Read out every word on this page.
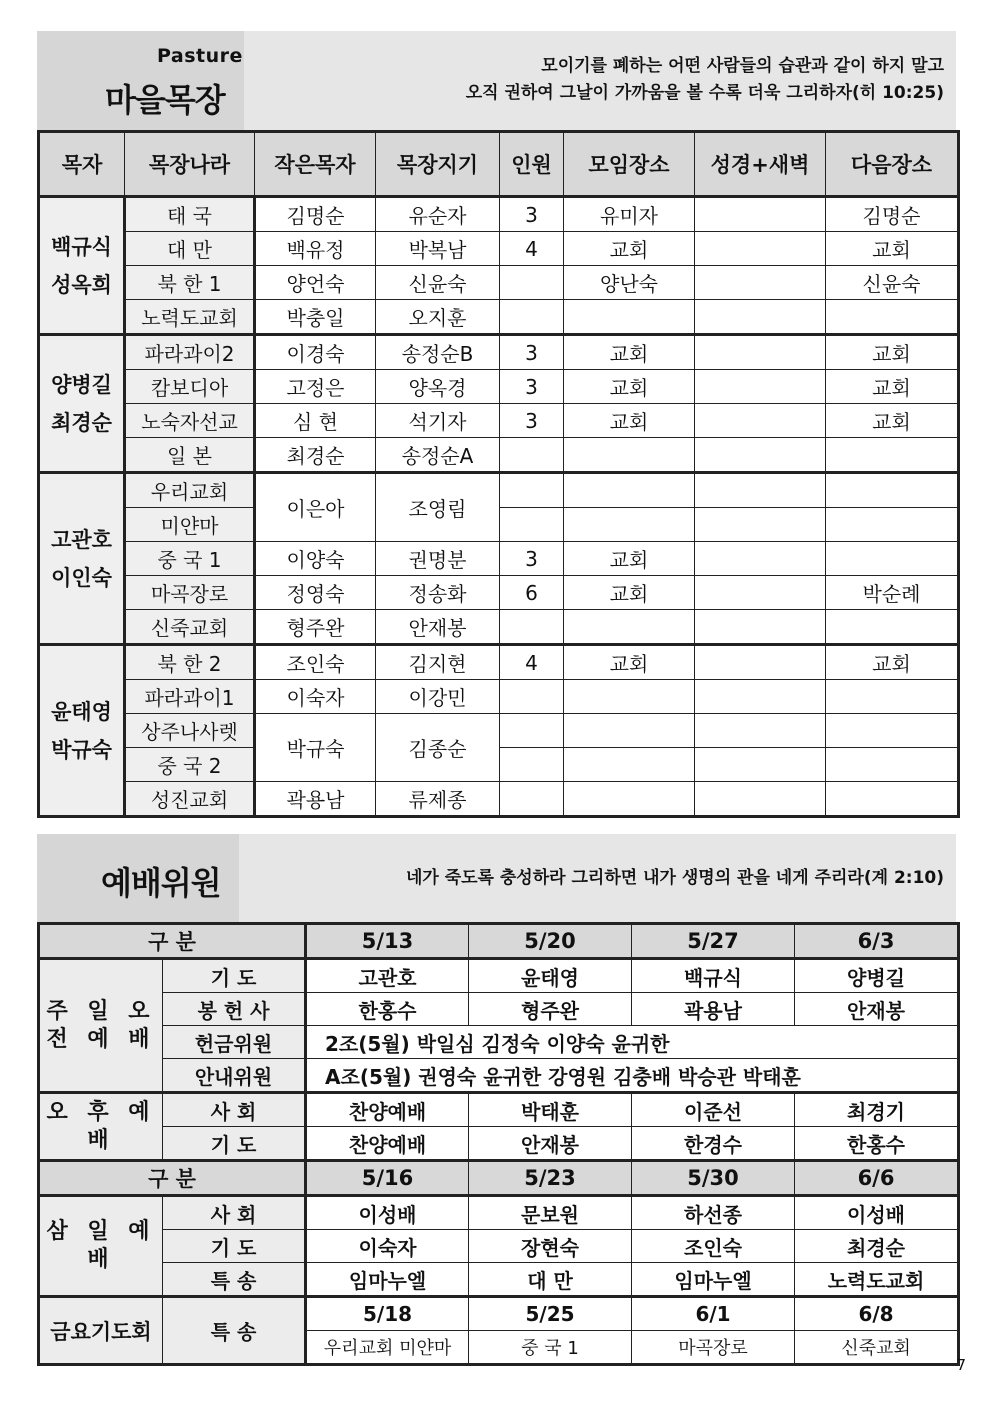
Pasture
마을목장
모이기를 폐하는 어떤 사람들의 습관과 같이 하지 말고
오직 권하여 그날이 가까움을 볼 수록 더욱 그리하자(히 10:25)
목자	목장나라	작은목자	목장지기	인원	모임장소	성경+새벽	다음장소

백규식
성옥희	태 국	김명순	유순자	3	유미자		김명순
	대 만	백유정	박복남	4	교회		교회
	북 한 1	양언숙	신윤숙		양난숙		신윤숙
	노력도교회	박충일	오지훈				

양병길
최경순	파라과이2	이경숙	송정순B	3	교회		교회
	캄보디아	고정은	양옥경	3	교회		교회
	노숙자선교	심 현	석기자	3	교회		교회
	일 본	최경순	송정순A				

고관호
이인숙	우리교회	이은아	조영림				
	미얀마						
	중 국 1	이양숙	권명분	3	교회		
	마곡장로	정영숙	정송화	6	교회		박순례
	신죽교회	형주완	안재봉				

윤태영
박규숙	북 한 2	조인숙	김지현	4	교회		교회
	파라과이1	이숙자	이강민				
	상주나사렛	박규숙	김종순				
	중 국 2						
	성진교회	곽용남	류제종				
예배위원	네가 죽도록 충성하라 그리하면 내가 생명의 관을 네게 주리라(계 2:10)
구 분		5/13	5/20	5/27	6/3
주 일 오 전 예 배	기 도	고관호	윤태영	백규식	양병길
	봉 헌 사	한홍수	형주완	곽용남	안재봉
	헌금위원	2조(5월) 박일심 김정숙 이양숙 윤귀한			
	안내위원	A조(5월) 권영숙 윤귀한 강영원 김충배 박승관 박태훈			
오 후 예 배	사 회	찬양예배	박태훈	이준선	최경기
	기 도	찬양예배	안재봉	한경수	한홍수
구 분		5/16	5/23	5/30	6/6
삼 일 예 배	사 회	이성배	문보원	하선종	이성배
	기 도	이숙자	장현숙	조인숙	최경순
	특 송	임마누엘	대 만	임마누엘	노력도교회
금요기도회	특 송	5/18	5/25	6/1	6/8
		우리교회 미얀마	중 국 1	마곡장로	신죽교회
7
